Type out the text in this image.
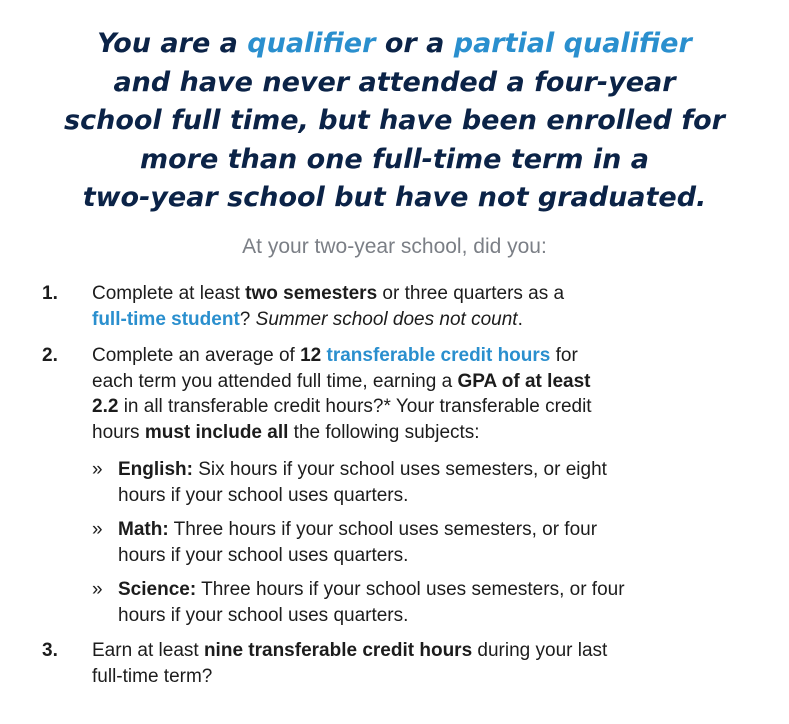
You are a qualifier or a partial qualifier
and have never attended a four-year
school full time, but have been enrolled for
more than one full-time term in a
two-year school but have not graduated.
At your two-year school, did you:
1. Complete at least two semesters or three quarters as a
full-time student? Summer school does not count.
2. Complete an average of 12 transferable credit hours for
each term you attended full time, earning a GPA of at least
2.2 in all transferable credit hours?* Your transferable credit
hours must include all the following subjects:
» English: Six hours if your school uses semesters, or eight
hours if your school uses quarters.
» Math: Three hours if your school uses semesters, or four
hours if your school uses quarters.
» Science: Three hours if your school uses semesters, or four
hours if your school uses quarters.
3. Earn at least nine transferable credit hours during your last
full-time term?
